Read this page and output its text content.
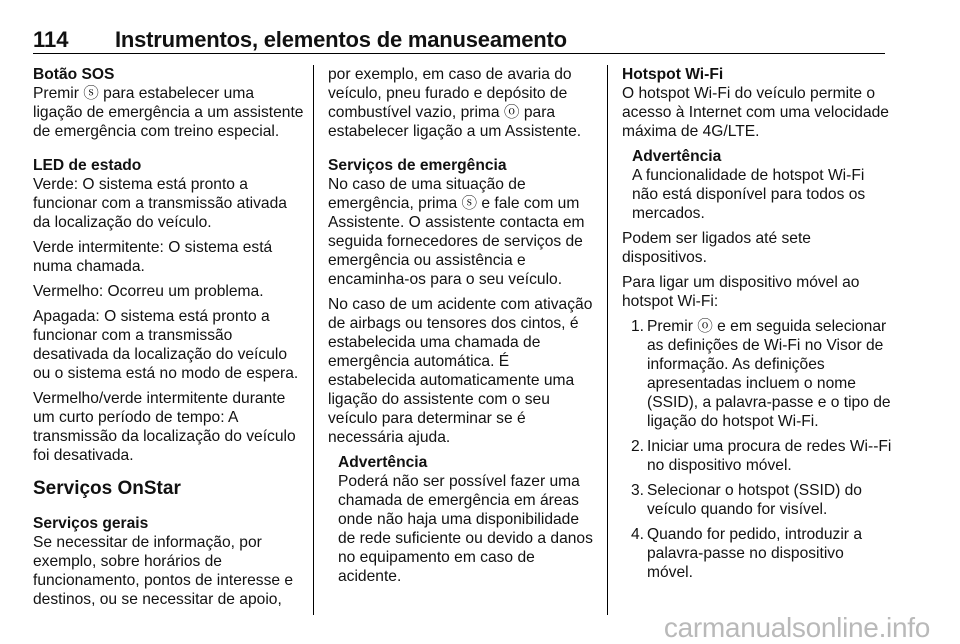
114 Instrumentos, elementos de manuseamento
Botão SOS

Premir ⓢ para estabelecer uma ligação de emergência a um assistente de emergência com treino especial.

LED de estado

Verde: O sistema está pronto a funcionar com a transmissão ativada da localização do veículo.

Verde intermitente: O sistema está numa chamada.

Vermelho: Ocorreu um problema.

Apagada: O sistema está pronto a funcionar com a transmissão desativada da localização do veículo ou o sistema está no modo de espera.

Vermelho/verde intermitente durante um curto período de tempo: A transmissão da localização do veículo foi desativada.

Serviços OnStar
Serviços gerais

Se necessitar de informação, por exemplo, sobre horários de funcionamento, pontos de interesse e destinos, ou se necessitar de apoio,

por exemplo, em caso de avaria do veículo, pneu furado e depósito de combustível vazio, prima ⓞ para estabelecer ligação a um Assistente.

Serviços de emergência

No caso de uma situação de emergência, prima ⓢ e fale com um Assistente. O assistente contacta em seguida fornecedores de serviços de emergência ou assistência e encaminha-os para o seu veículo.

No caso de um acidente com ativação de airbags ou tensores dos cintos, é estabelecida uma chamada de emergência automática. É estabelecida automaticamente uma ligação do assistente com o seu veículo para determinar se é necessária ajuda.

Advertência

Poderá não ser possível fazer uma chamada de emergência em áreas onde não haja uma disponibilidade de rede suficiente ou devido a danos no equipamento em caso de acidente.

Hotspot Wi-Fi

O hotspot Wi-Fi do veículo permite o acesso à Internet com uma velocidade máxima de 4G/LTE.

Advertência

A funcionalidade de hotspot Wi-Fi não está disponível para todos os mercados.

Podem ser ligados até sete dispositivos.

Para ligar um dispositivo móvel ao hotspot Wi-Fi:

1. Premir ⓞ e em seguida selecionar as definições de Wi-Fi no Visor de informação. As definições apresentadas incluem o nome (SSID), a palavra-passe e o tipo de ligação do hotspot Wi-Fi.
2. Iniciar uma procura de redes Wi--Fi no dispositivo móvel.
3. Selecionar o hotspot (SSID) do veículo quando for visível.
4. Quando for pedido, introduzir a palavra-passe no dispositivo móvel.
carmanualsonline.info
